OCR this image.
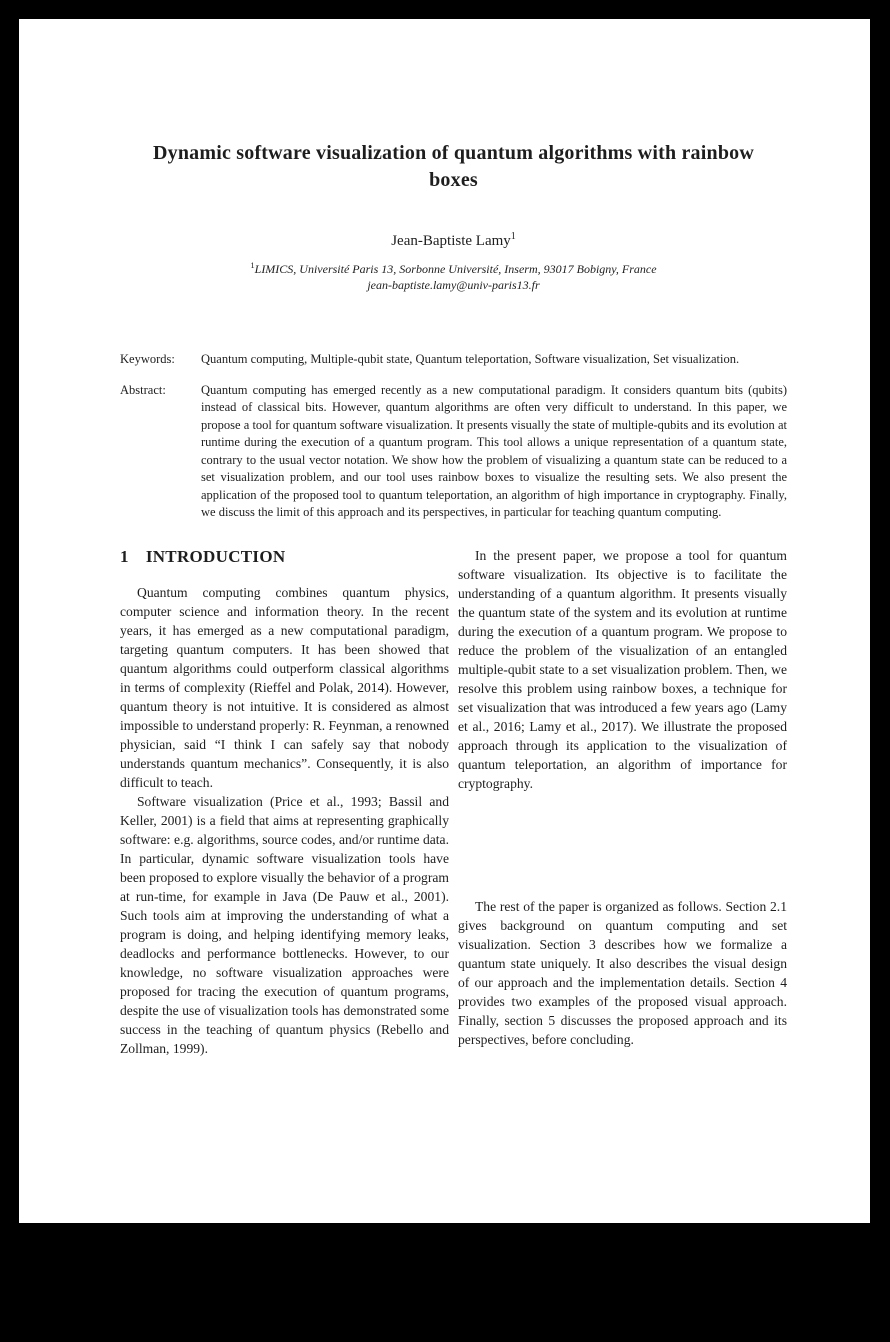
Dynamic software visualization of quantum algorithms with rainbow boxes
Jean-Baptiste Lamy$^1$
$^1$LIMICS, Université Paris 13, Sorbonne Université, Inserm, 93017 Bobigny, France
jean-baptiste.lamy@univ-paris13.fr
Keywords:	Quantum computing, Multiple-qubit state, Quantum teleportation, Software visualization, Set visualization.
Abstract:	Quantum computing has emerged recently as a new computational paradigm. It considers quantum bits (qubits) instead of classical bits. However, quantum algorithms are often very difficult to understand. In this paper, we propose a tool for quantum software visualization. It presents visually the state of multiple-qubits and its evolution at runtime during the execution of a quantum program. This tool allows a unique representation of a quantum state, contrary to the usual vector notation. We show how the problem of visualizing a quantum state can be reduced to a set visualization problem, and our tool uses rainbow boxes to visualize the resulting sets. We also present the application of the proposed tool to quantum teleportation, an algorithm of high importance in cryptography. Finally, we discuss the limit of this approach and its perspectives, in particular for teaching quantum computing.
1 INTRODUCTION

Quantum computing combines quantum physics, computer science and information theory. In the recent years, it has emerged as a new computational paradigm, targeting quantum computers. It has been showed that quantum algorithms could outperform classical algorithms in terms of complexity (Rieffel and Polak, 2014). However, quantum theory is not intuitive. It is considered as almost impossible to understand properly: R. Feynman, a renowned physician, said “I think I can safely say that nobody understands quantum mechanics”. Consequently, it is also difficult to teach.

Software visualization (Price et al., 1993; Bassil and Keller, 2001) is a field that aims at representing graphically software: e.g. algorithms, source codes, and/or runtime data. In particular, dynamic software visualization tools have been proposed to explore visually the behavior of a program at run-time, for example in Java (De Pauw et al., 2001). Such tools aim at improving the understanding of what a program is doing, and helping identifying memory leaks, deadlocks and performance bottlenecks. However, to our knowledge, no software visualization approaches were proposed for tracing the execution of quantum programs, despite the use of visualization tools has demonstrated some success in the teaching of quantum physics (Rebello and Zollman, 1999).

In the present paper, we propose a tool for quantum software visualization. Its objective is to facilitate the understanding of a quantum algorithm. It presents visually the quantum state of the system and its evolution at runtime during the execution of a quantum program. We propose to reduce the problem of the visualization of an entangled multiple-qubit state to a set visualization problem. Then, we resolve this problem using rainbow boxes, a technique for set visualization that was introduced a few years ago (Lamy et al., 2016; Lamy et al., 2017). We illustrate the proposed approach through its application to the visualization of quantum teleportation, an algorithm of importance for cryptography.

The rest of the paper is organized as follows. Section 2.1 gives background on quantum computing and set visualization. Section 3 describes how we formalize a quantum state uniquely. It also describes the visual design of our approach and the implementation details. Section 4 provides two examples of the proposed visual approach. Finally, section 5 discusses the proposed approach and its perspectives, before concluding.
